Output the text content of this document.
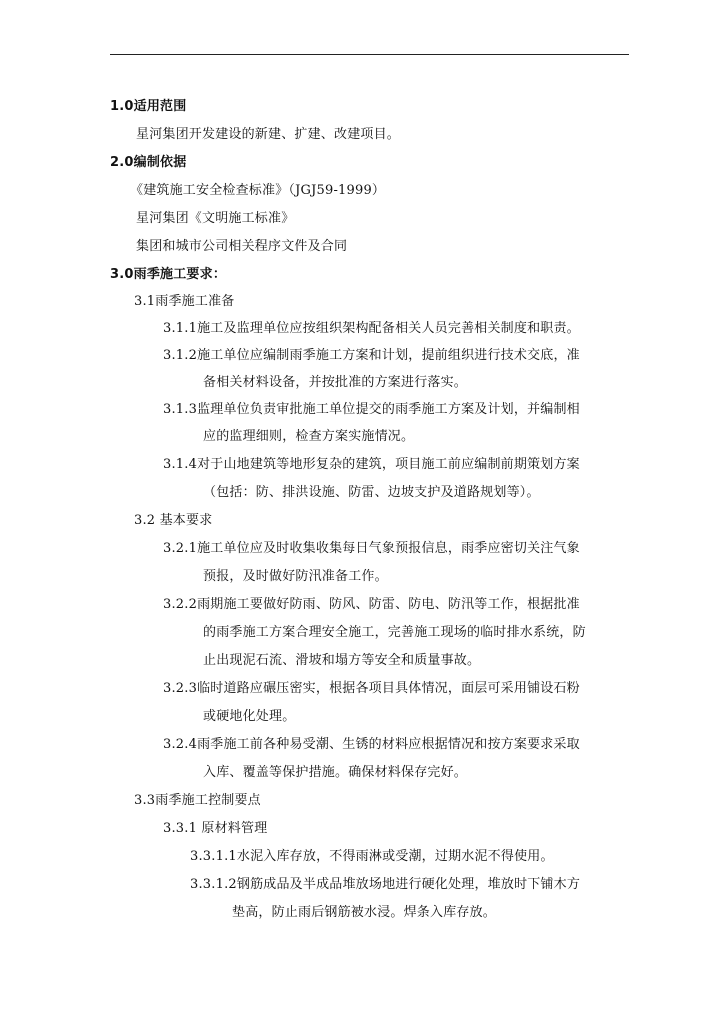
1.0适用范围
星河集团开发建设的新建、扩建、改建项目。
2.0编制依据
《建筑施工安全检查标准》（JGJ59-1999）
星河集团《文明施工标准》
集团和城市公司相关程序文件及合同
3.0雨季施工要求：
3.1雨季施工准备
3.1.1施工及监理单位应按组织架构配备相关人员完善相关制度和职责。
3.1.2施工单位应编制雨季施工方案和计划，提前组织进行技术交底，准
备相关材料设备，并按批准的方案进行落实。
3.1.3监理单位负责审批施工单位提交的雨季施工方案及计划，并编制相
应的监理细则，检查方案实施情况。
3.1.4对于山地建筑等地形复杂的建筑，项目施工前应编制前期策划方案
（包括：防、排洪设施、防雷、边坡支护及道路规划等）。
3.2 基本要求
3.2.1施工单位应及时收集收集每日气象预报信息，雨季应密切关注气象
预报，及时做好防汛准备工作。
3.2.2雨期施工要做好防雨、防风、防雷、防电、防汛等工作，根据批准
的雨季施工方案合理安全施工，完善施工现场的临时排水系统，防
止出现泥石流、滑坡和塌方等安全和质量事故。
3.2.3临时道路应碾压密实，根据各项目具体情况，面层可采用铺设石粉
或硬地化处理。
3.2.4雨季施工前各种易受潮、生锈的材料应根据情况和按方案要求采取
入库、覆盖等保护措施。确保材料保存完好。
3.3雨季施工控制要点
3.3.1 原材料管理
3.3.1.1水泥入库存放，不得雨淋或受潮，过期水泥不得使用。
3.3.1.2钢筋成品及半成品堆放场地进行硬化处理，堆放时下铺木方
垫高，防止雨后钢筋被水浸。焊条入库存放。
